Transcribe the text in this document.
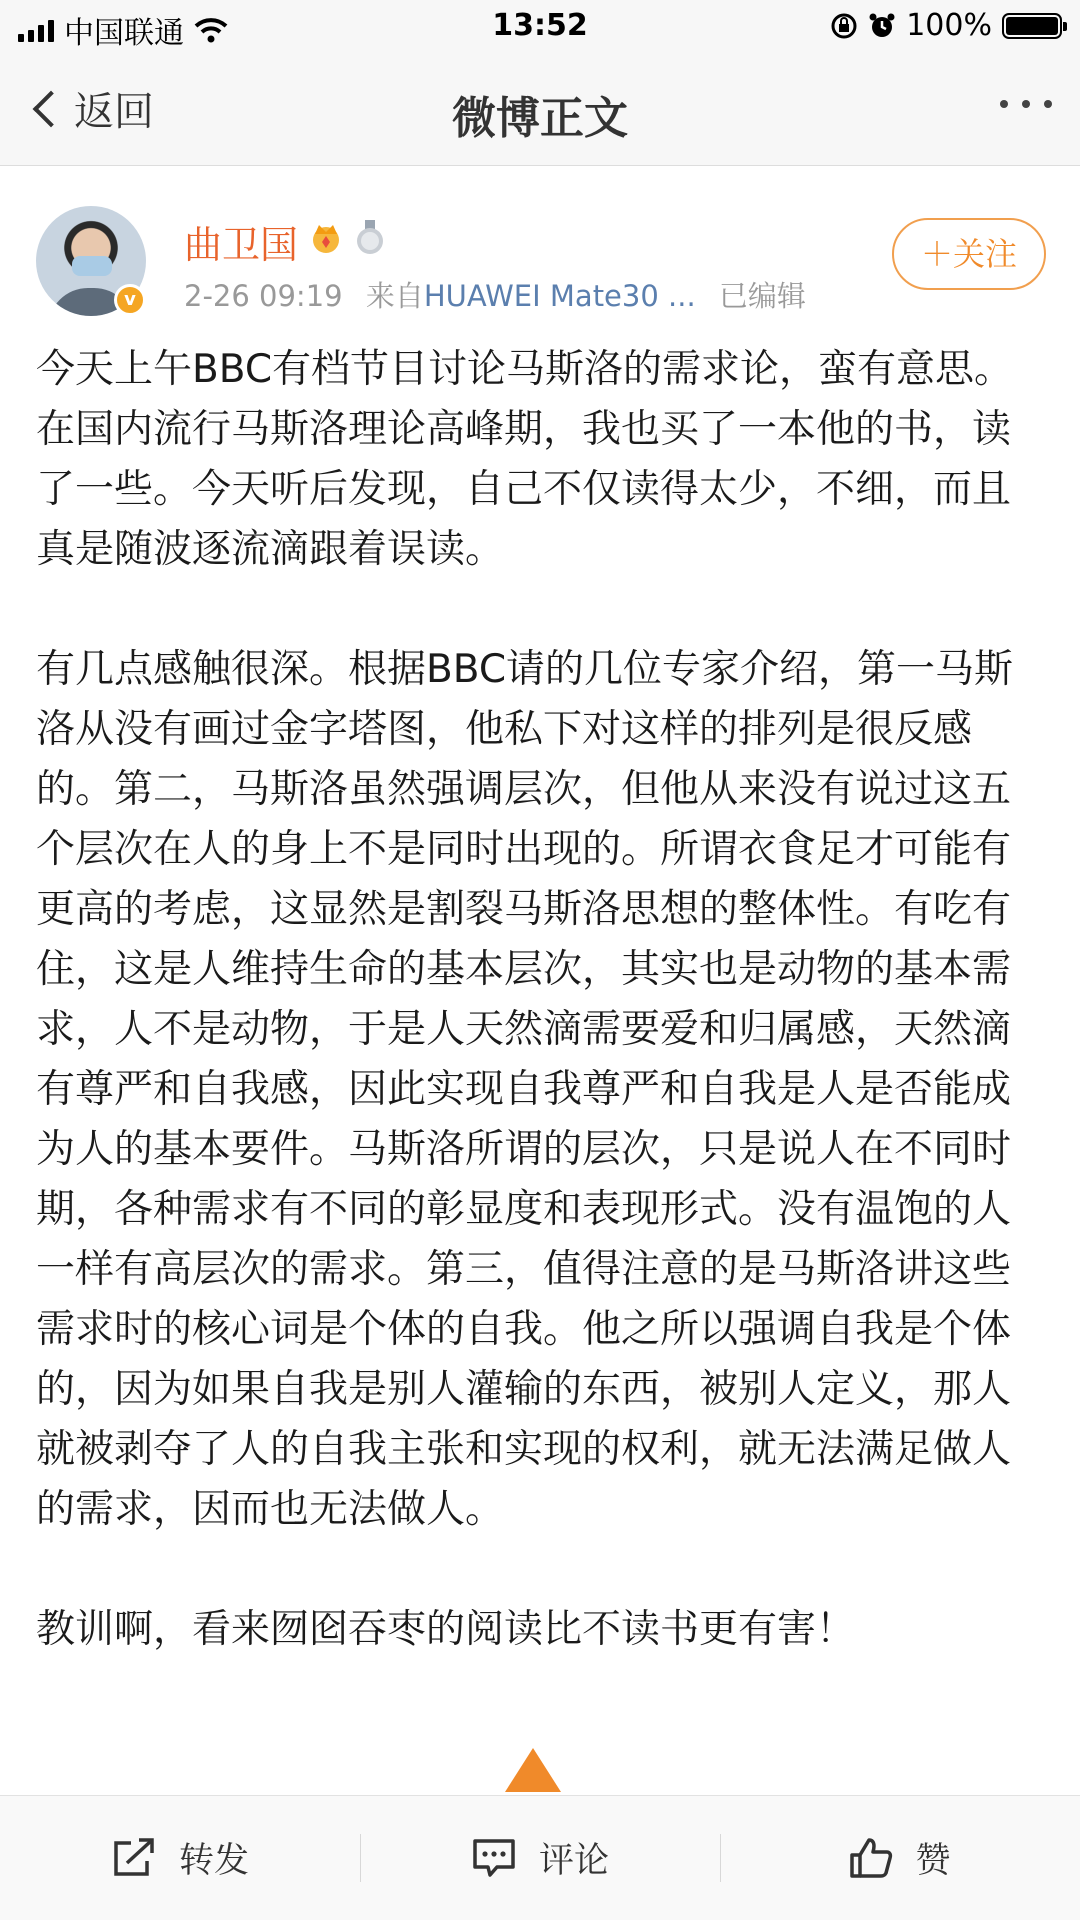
中国联通	13:52	100%
返回	微博正文
v
曲卫国
2-26 09:19 来自HUAWEI Mate30 ... 已编辑
＋关注

今天上午BBC有档节目讨论马斯洛的需求论，蛮有意思。在国内流行马斯洛理论高峰期，我也买了一本他的书，读了一些。今天听后发现，自己不仅读得太少，不细，而且真是随波逐流滴跟着误读。

有几点感触很深。根据BBC请的几位专家介绍，第一马斯洛从没有画过金字塔图，他私下对这样的排列是很反感的。第二，马斯洛虽然强调层次，但他从来没有说过这五个层次在人的身上不是同时出现的。所谓衣食足才可能有更高的考虑，这显然是割裂马斯洛思想的整体性。有吃有住，这是人维持生命的基本层次，其实也是动物的基本需求，人不是动物，于是人天然滴需要爱和归属感，天然滴有尊严和自我感，因此实现自我尊严和自我是人是否能成为人的基本要件。马斯洛所谓的层次，只是说人在不同时期，各种需求有不同的彰显度和表现形式。没有温饱的人一样有高层次的需求。第三，值得注意的是马斯洛讲这些需求时的核心词是个体的自我。他之所以强调自我是个体的，因为如果自我是别人灌输的东西，被别人定义，那人就被剥夺了人的自我主张和实现的权利，就无法满足做人的需求，因而也无法做人。

教训啊，看来囫囵吞枣的阅读比不读书更有害！

转发	评论	赞
